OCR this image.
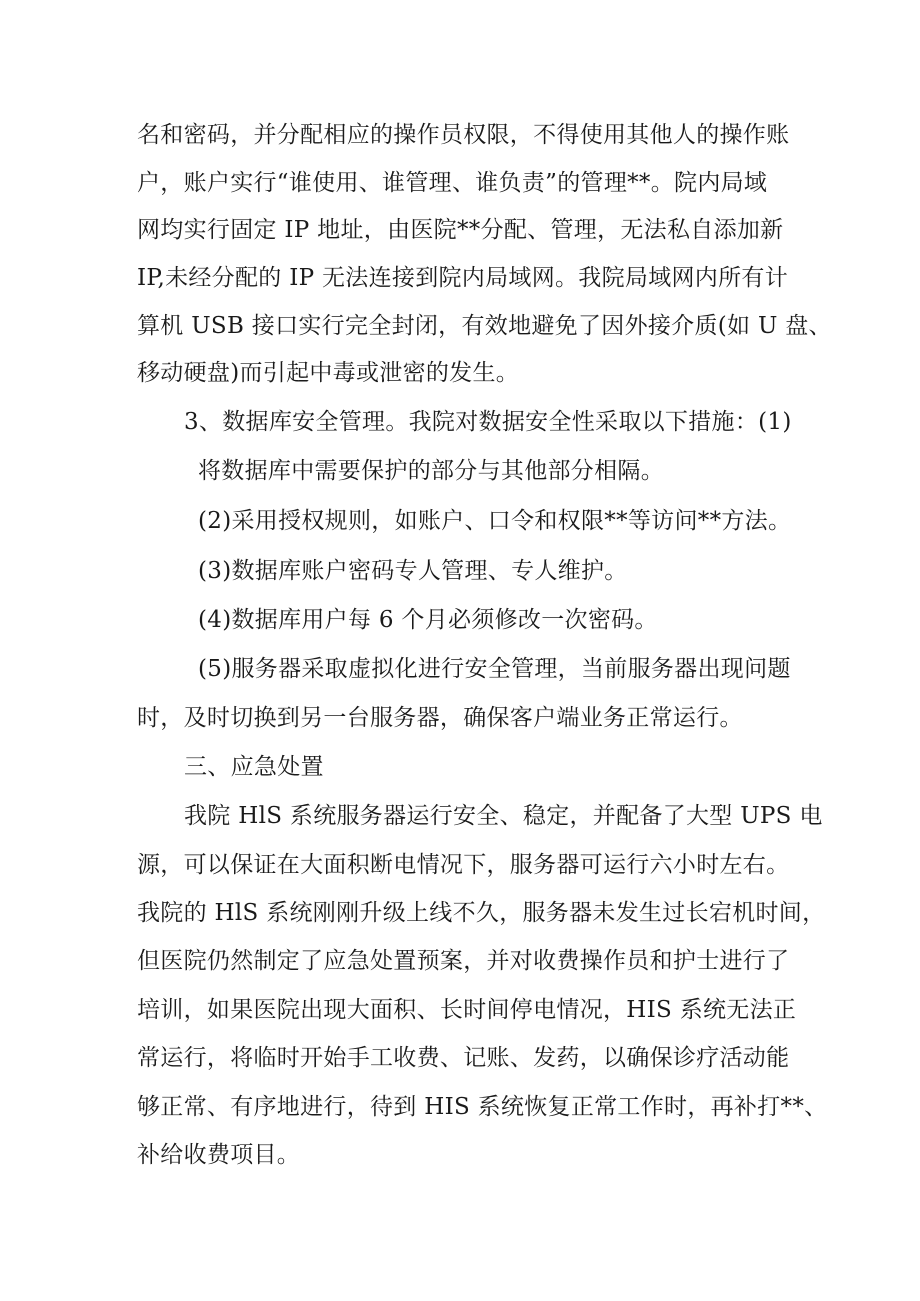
名和密码，并分配相应的操作员权限，不得使用其他人的操作账
户，账户实行“谁使用、谁管理、谁负责”的管理**。院内局域
网均实行固定 IP 地址，由医院**分配、管理，无法私自添加新
IP,未经分配的 IP 无法连接到院内局域网。我院局域网内所有计
算机 USB 接口实行完全封闭，有效地避免了因外接介质(如 U 盘、
移动硬盘)而引起中毒或泄密的发生。
3、数据库安全管理。我院对数据安全性采取以下措施：(1)
将数据库中需要保护的部分与其他部分相隔。
(2)采用授权规则，如账户、口令和权限**等访问**方法。
(3)数据库账户密码专人管理、专人维护。
(4)数据库用户每 6 个月必须修改一次密码。
(5)服务器采取虚拟化进行安全管理，当前服务器出现问题
时，及时切换到另一台服务器，确保客户端业务正常运行。
三、应急处置
我院 HlS 系统服务器运行安全、稳定，并配备了大型 UPS 电
源，可以保证在大面积断电情况下，服务器可运行六小时左右。
我院的 HlS 系统刚刚升级上线不久，服务器未发生过长宕机时间，
但医院仍然制定了应急处置预案，并对收费操作员和护士进行了
培训，如果医院出现大面积、长时间停电情况，HIS 系统无法正
常运行，将临时开始手工收费、记账、发药，以确保诊疗活动能
够正常、有序地进行，待到 HIS 系统恢复正常工作时，再补打**、
补给收费项目。
